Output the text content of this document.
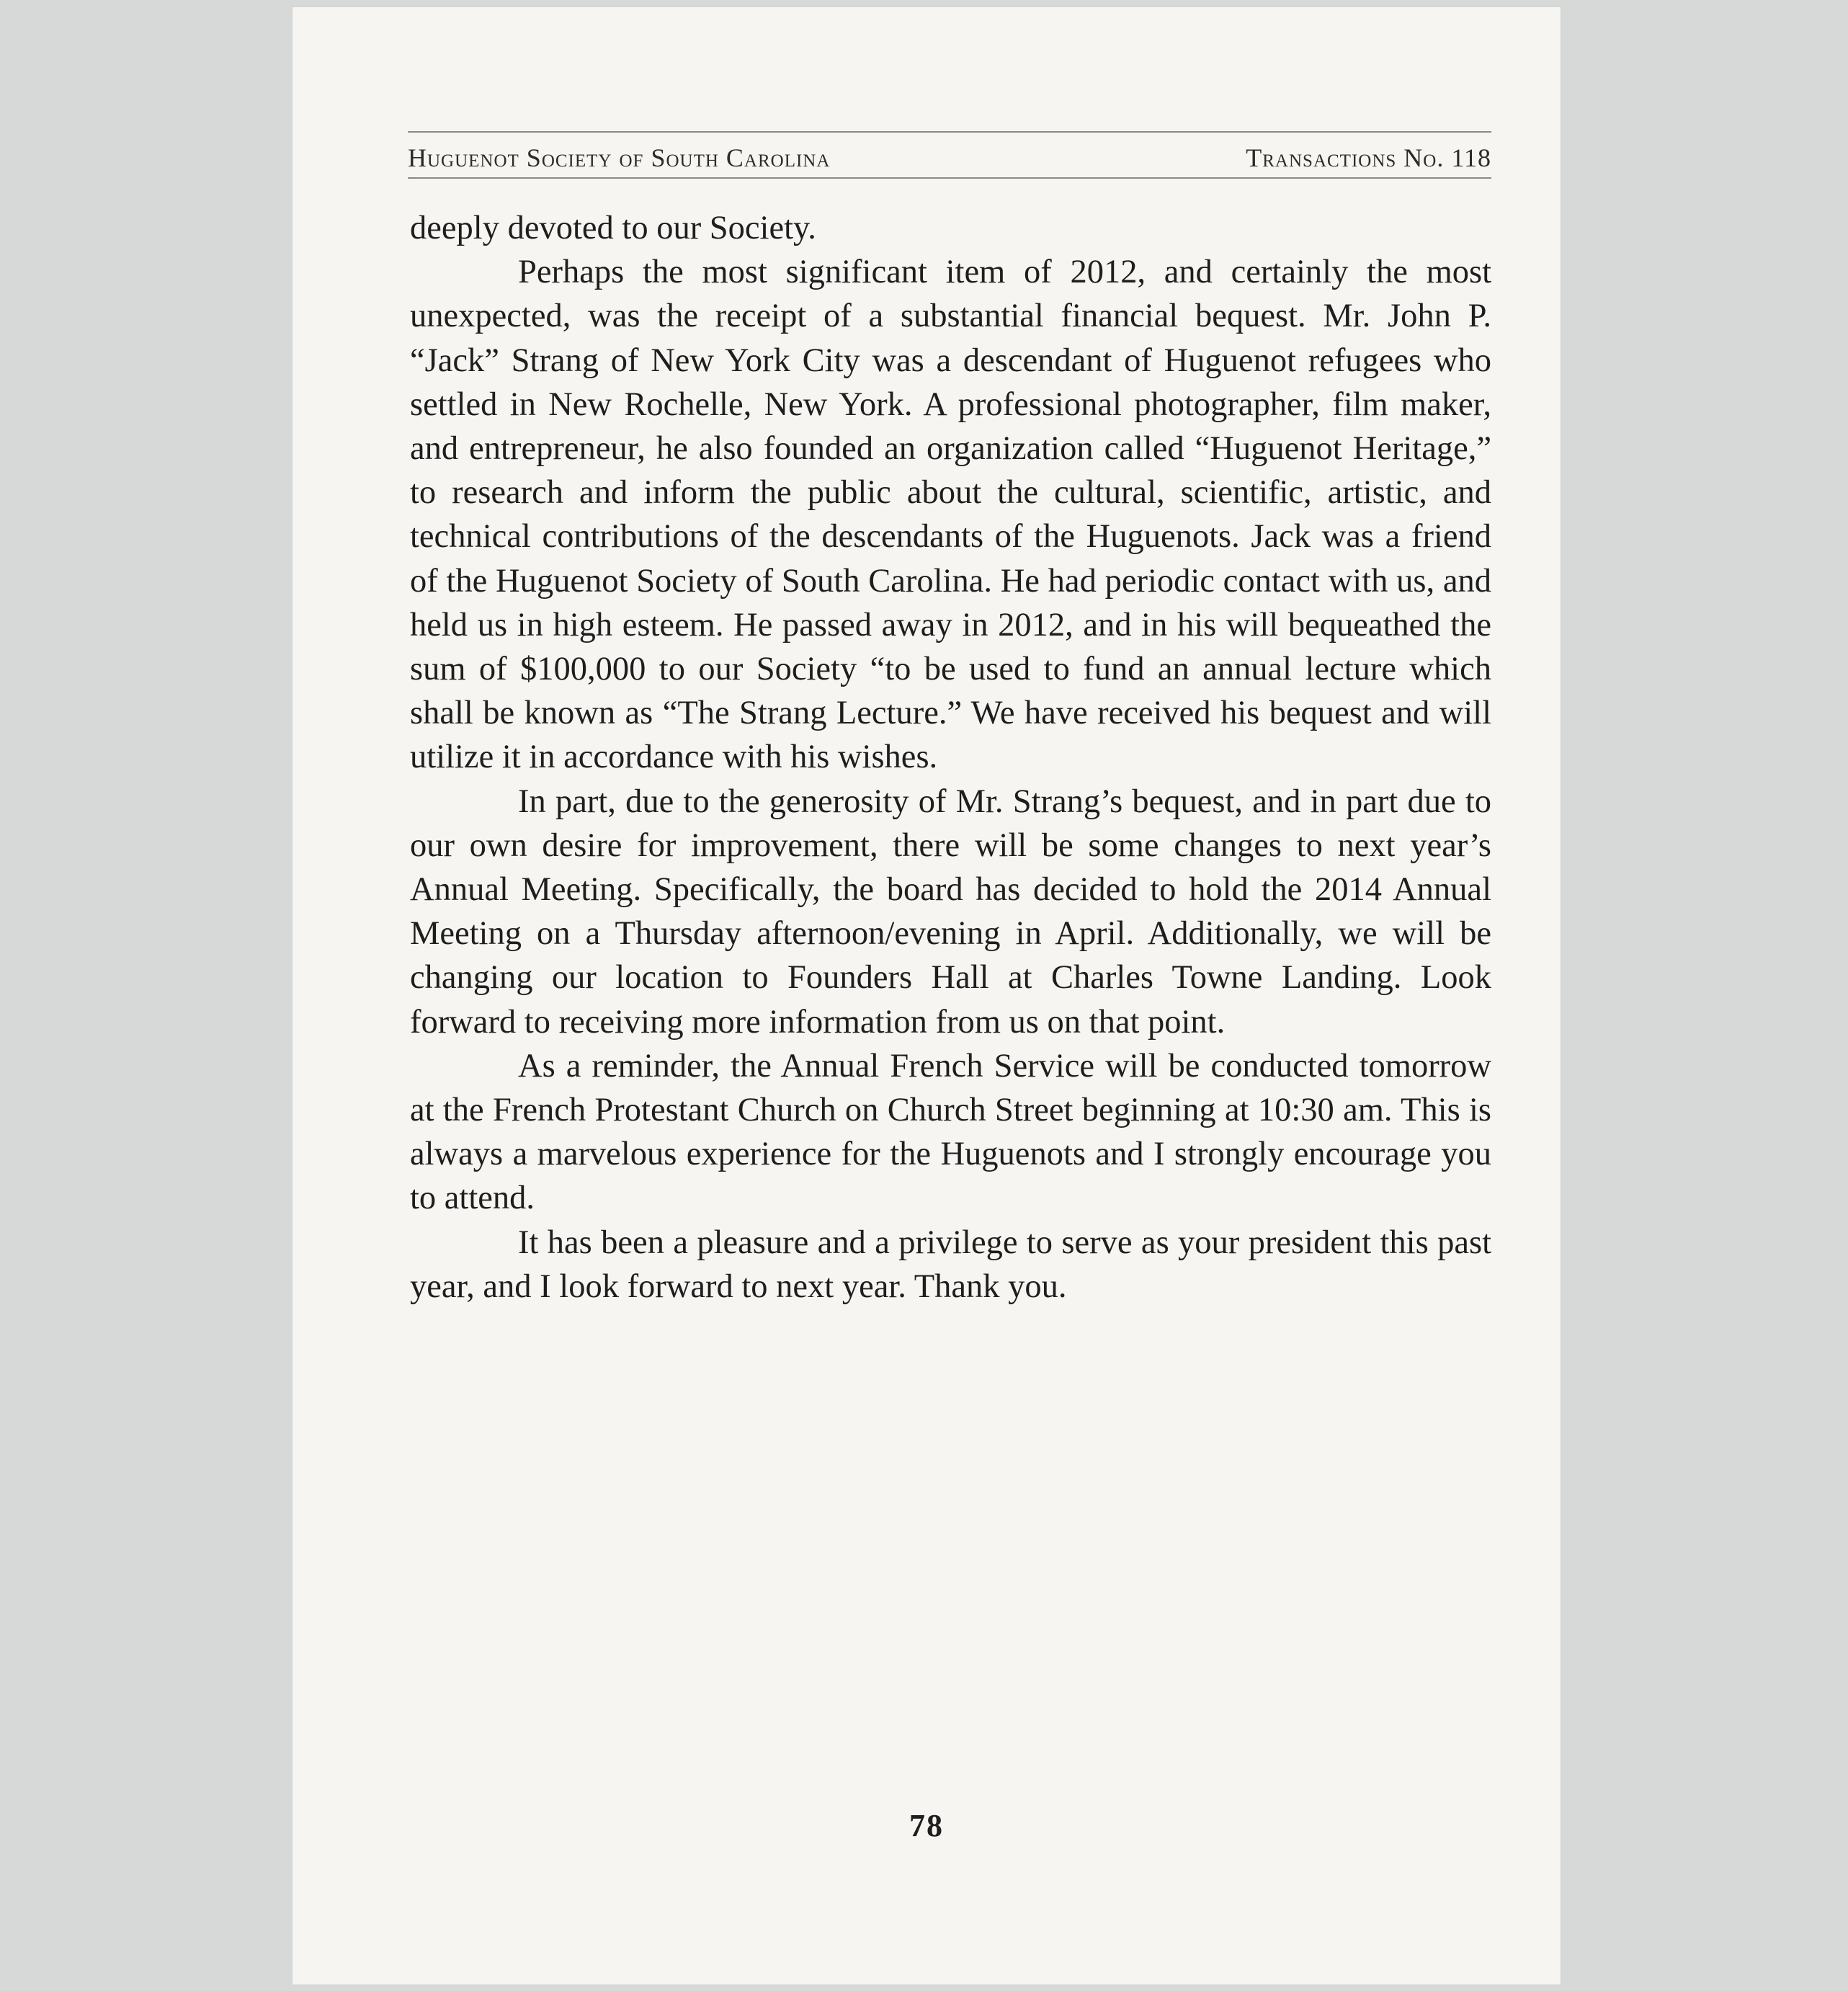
Huguenot Society of South Carolina	Transactions No. 118

deeply devoted to our Society.

Perhaps the most significant item of 2012, and certainly the most unexpected, was the receipt of a substantial financial bequest. Mr. John P. “Jack” Strang of New York City was a descendant of Huguenot refugees who settled in New Rochelle, New York. A professional photographer, film maker, and entrepreneur, he also founded an organization called “Huguenot Heritage,” to research and inform the public about the cultural, scientific, artistic, and technical contributions of the descendants of the Huguenots. Jack was a friend of the Huguenot Society of South Carolina. He had periodic contact with us, and held us in high esteem. He passed away in 2012, and in his will bequeathed the sum of $100,000 to our Society “to be used to fund an annual lecture which shall be known as “The Strang Lecture.” We have received his bequest and will utilize it in accordance with his wishes.

In part, due to the generosity of Mr. Strang’s bequest, and in part due to our own desire for improvement, there will be some changes to next year’s Annual Meeting. Specifically, the board has decided to hold the 2014 Annual Meeting on a Thursday afternoon/evening in April. Additionally, we will be changing our location to Founders Hall at Charles Towne Landing. Look forward to receiving more information from us on that point.

As a reminder, the Annual French Service will be conducted tomorrow at the French Protestant Church on Church Street beginning at 10:30 am. This is always a marvelous experience for the Huguenots and I strongly encourage you to attend.

It has been a pleasure and a privilege to serve as your president this past year, and I look forward to next year. Thank you.

78
